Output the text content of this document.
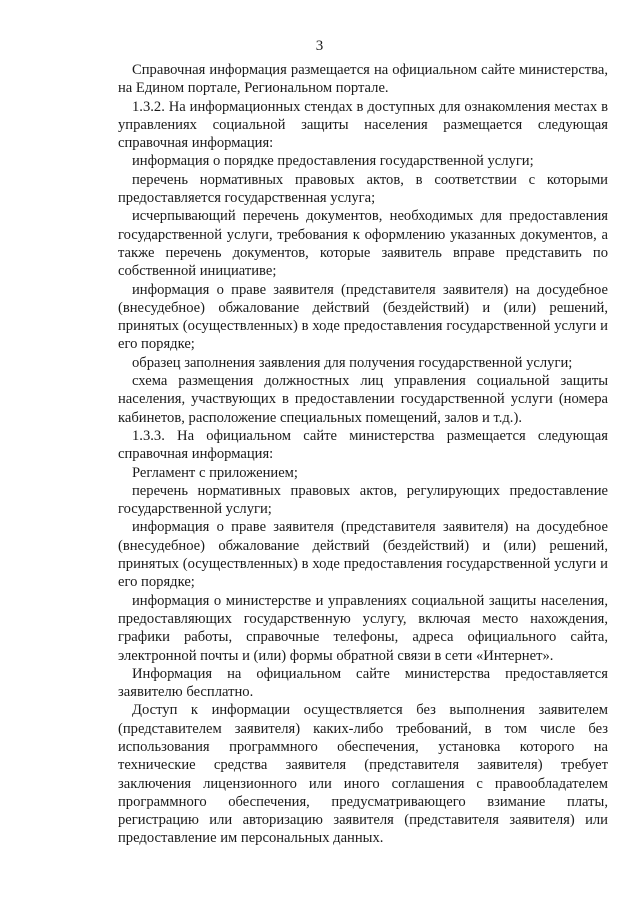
3

Справочная информация размещается на официальном сайте министерства, на Едином портале, Региональном портале.

1.3.2. На информационных стендах в доступных для ознакомления местах в управлениях социальной защиты населения размещается следующая справочная информация:

информация о порядке предоставления государственной услуги;

перечень нормативных правовых актов, в соответствии с которыми предоставляется государственная услуга;

исчерпывающий перечень документов, необходимых для предоставления государственной услуги, требования к оформлению указанных документов, а также перечень документов, которые заявитель вправе представить по собственной инициативе;

информация о праве заявителя (представителя заявителя) на досудебное (внесудебное) обжалование действий (бездействий) и (или) решений, принятых (осуществленных) в ходе предоставления государственной услуги и его порядке;

образец заполнения заявления для получения государственной услуги;

схема размещения должностных лиц управления социальной защиты населения, участвующих в предоставлении государственной услуги (номера кабинетов, расположение специальных помещений, залов и т.д.).

1.3.3. На официальном сайте министерства размещается следующая справочная информация:

Регламент с приложением;

перечень нормативных правовых актов, регулирующих предоставление государственной услуги;

информация о праве заявителя (представителя заявителя) на досудебное (внесудебное) обжалование действий (бездействий) и (или) решений, принятых (осуществленных) в ходе предоставления государственной услуги и его порядке;

информация о министерстве и управлениях социальной защиты населения, предоставляющих государственную услугу, включая место нахождения, графики работы, справочные телефоны, адреса официального сайта, электронной почты и (или) формы обратной связи в сети «Интернет».

Информация на официальном сайте министерства предоставляется заявителю бесплатно.

Доступ к информации осуществляется без выполнения заявителем (представителем заявителя) каких-либо требований, в том числе без использования программного обеспечения, установка которого на технические средства заявителя (представителя заявителя) требует заключения лицензионного или иного соглашения с правообладателем программного обеспечения, предусматривающего взимание платы, регистрацию или авторизацию заявителя (представителя заявителя) или предоставление им персональных данных.
